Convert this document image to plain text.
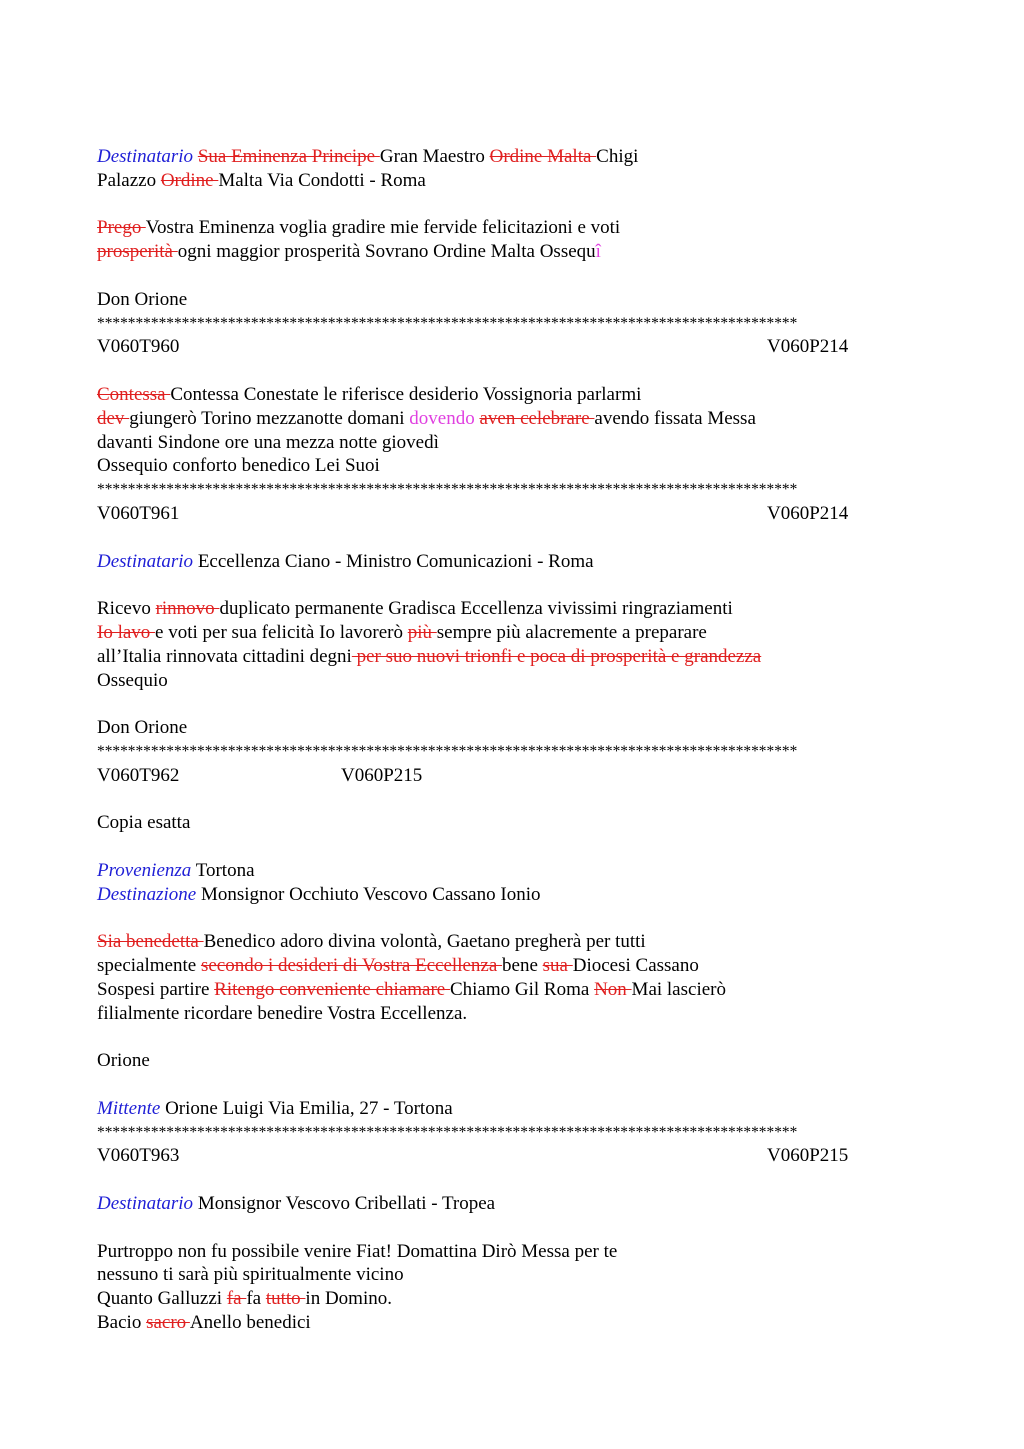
Destinatario Sua Eminenza Principe Gran Maestro Ordine Malta Chigi
Palazzo Ordine Malta Via Condotti - Roma
Prego Vostra Eminenza voglia gradire mie fervide felicitazioni e voti
prosperità ogni maggior prosperità Sovrano Ordine Malta Ossequî
Don Orione
*******************************************************************************************
V060T960	V060P214
Contessa Contessa Conestate le riferisce desiderio Vossignoria parlarmi
dev giungerò Torino mezzanotte domani dovendo aven celebrare avendo fissata Messa
davanti Sindone ore una mezza notte giovedì
Ossequio conforto benedico Lei Suoi
*******************************************************************************************
V060T961	V060P214
Destinatario Eccellenza Ciano - Ministro Comunicazioni - Roma
Ricevo rinnovo duplicato permanente Gradisca Eccellenza vivissimi ringraziamenti
Io lavo e voti per sua felicità Io lavorerò più sempre più alacremente a preparare
all’Italia rinnovata cittadini degni per suo nuovi trionfi e poca di prosperità e grandezza
Ossequio
Don Orione
*******************************************************************************************
V060T962	V060P215
Copia esatta
Provenienza Tortona
Destinazione Monsignor Occhiuto Vescovo Cassano Ionio
Sia benedetta Benedico adoro divina volontà, Gaetano pregherà per tutti
specialmente secondo i desideri di Vostra Eccellenza bene sua Diocesi Cassano
Sospesi partire Ritengo conveniente chiamare Chiamo Gil Roma Non Mai lascierò
filialmente ricordare benedire Vostra Eccellenza.
Orione
Mittente Orione Luigi Via Emilia, 27 - Tortona
*******************************************************************************************
V060T963	V060P215
Destinatario Monsignor Vescovo Cribellati - Tropea
Purtroppo non fu possibile venire Fiat! Domattina Dirò Messa per te
nessuno ti sarà più spiritualmente vicino
Quanto Galluzzi fa fa tutto in Domino.
Bacio sacro Anello benedici
